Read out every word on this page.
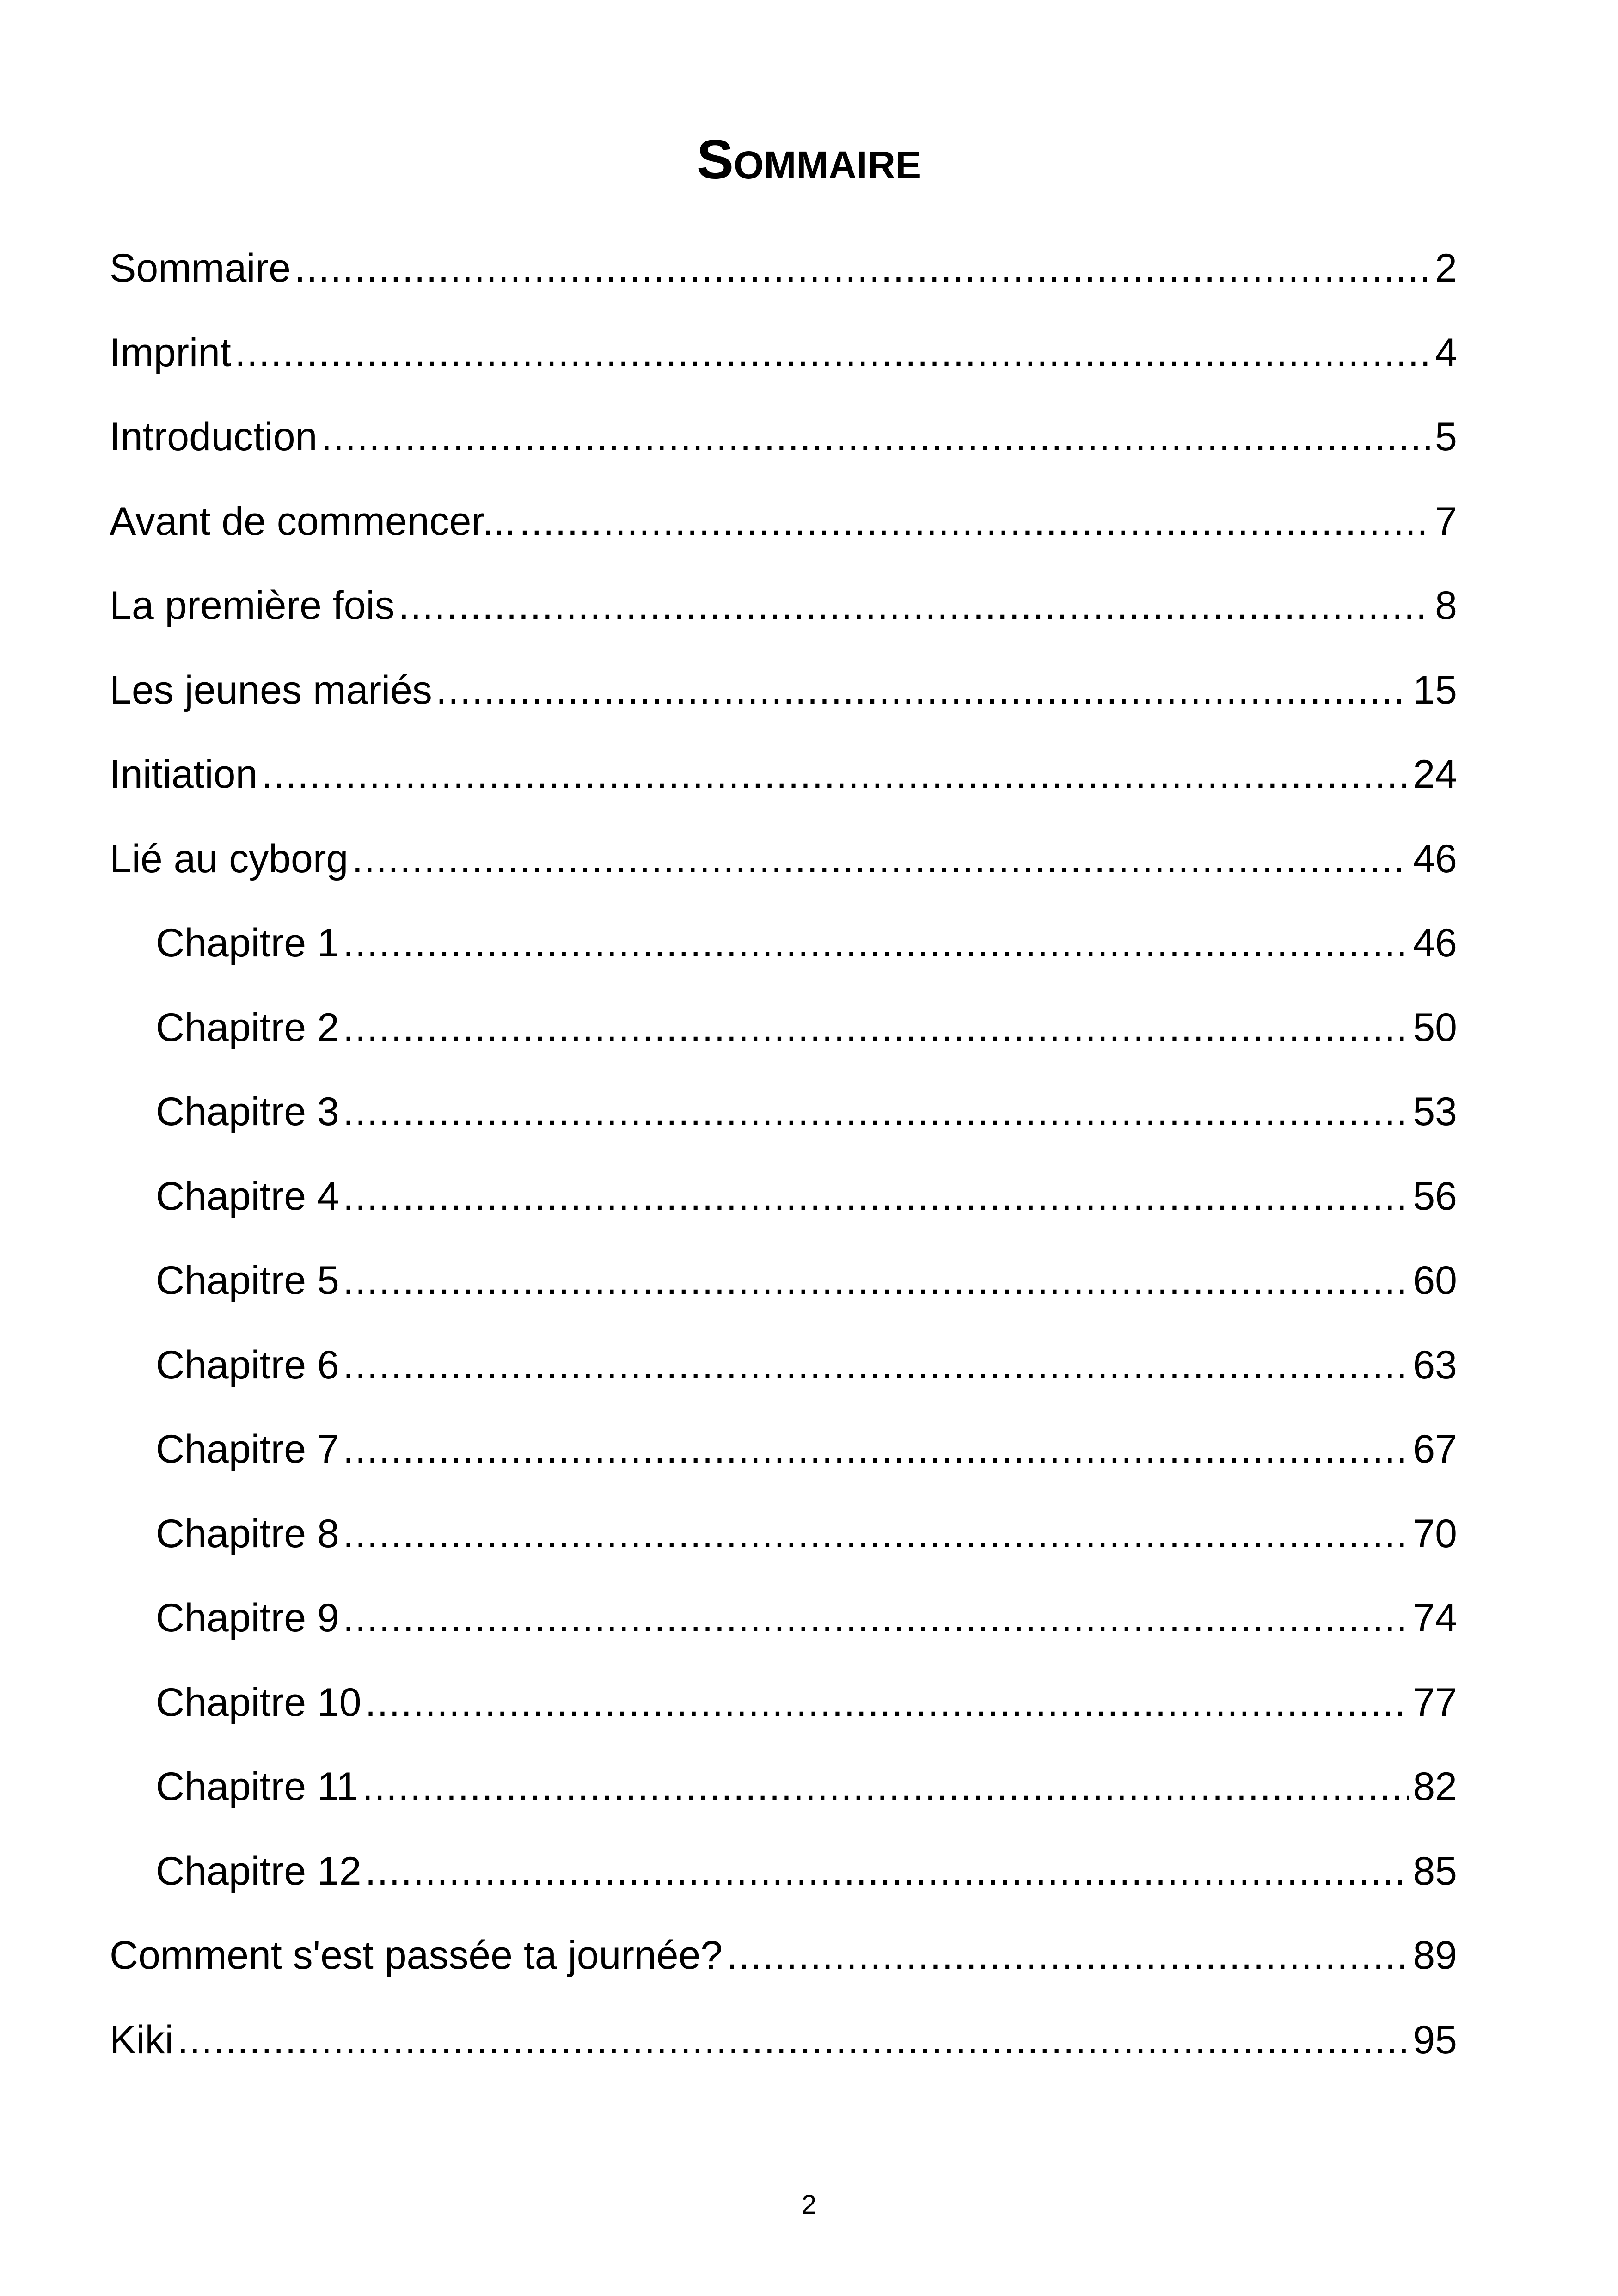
Sommaire
Sommaire .....	2
Imprint .....	4
Introduction .....	5
Avant de commencer... .....	7
La première fois .....	8
Les jeunes mariés .....	15
Initiation .....	24
Lié au cyborg .....	46
Chapitre 1 .....	46
Chapitre 2 .....	50
Chapitre 3 .....	53
Chapitre 4 .....	56
Chapitre 5 .....	60
Chapitre 6 .....	63
Chapitre 7 .....	67
Chapitre 8 .....	70
Chapitre 9 .....	74
Chapitre 10 .....	77
Chapitre 11 .....	82
Chapitre 12 .....	85
Comment s'est passée ta journée? .....	89
Kiki .....	95
2
